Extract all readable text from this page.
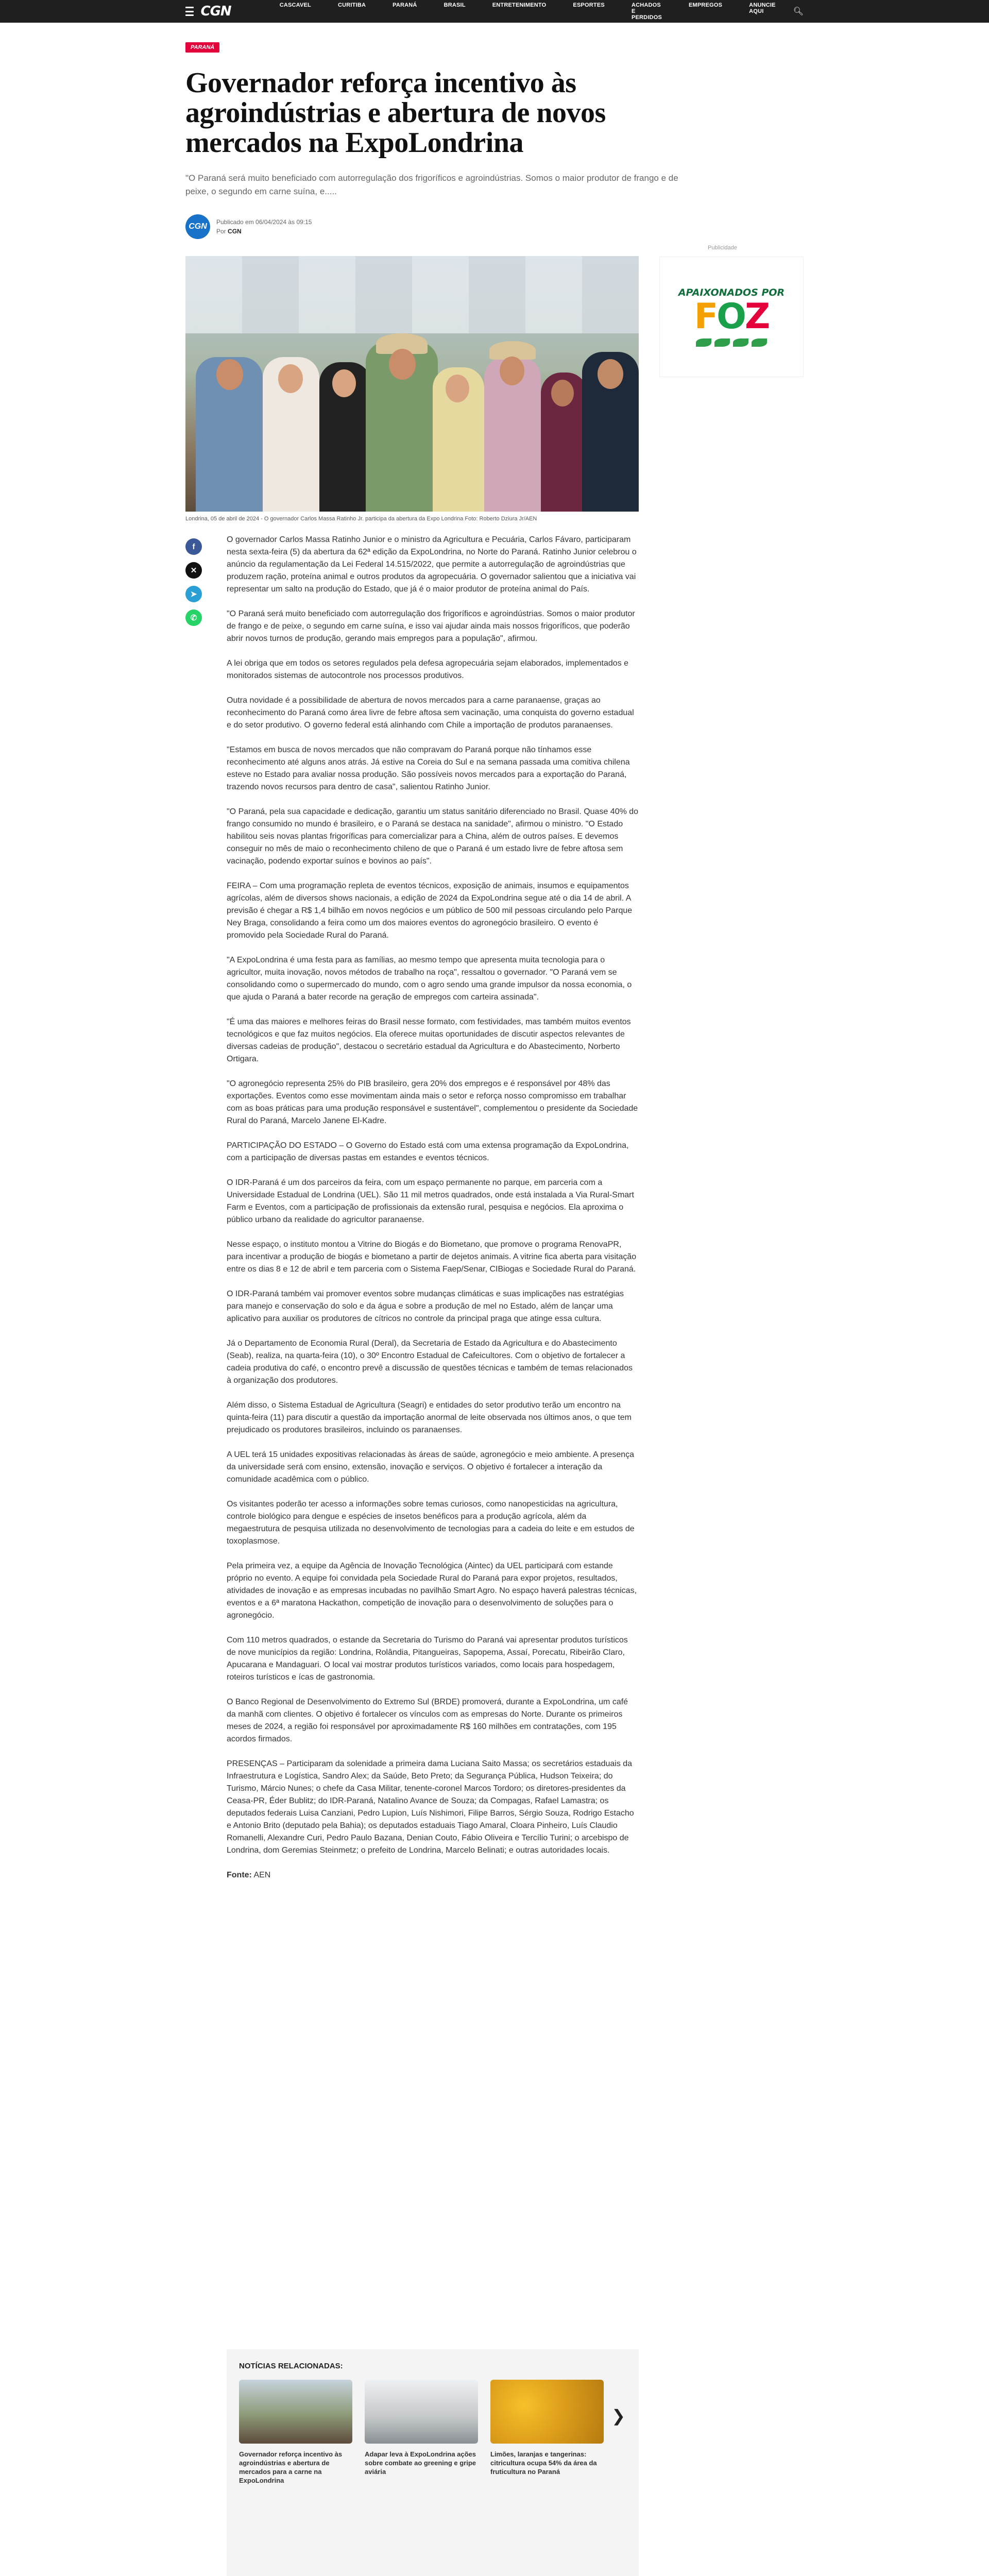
CGN	CASCAVEL	CURITIBA	PARANÁ	BRASIL	ENTRETENIMENTO	ESPORTES	ACHADOS E PERDIDOS
EMPREGOS	ANUNCIE AQUI	🔍︎
PARANÁ
Governador reforça incentivo às agroindústrias e abertura de novos mercados na ExpoLondrina

"O Paraná será muito beneficiado com autorregulação dos frigoríficos e agroindústrias. Somos o maior produtor de frango e de peixe, o segundo em carne suína, e.....

CGN	Publicado em 06/04/2024 às 09:15
Por CGN
Londrina, 05 de abril de 2024 - O governador Carlos Massa Ratinho Jr. participa da abertura da Expo Londrina Foto: Roberto Dziura Jr/AEN
f
✕
➤
✆

O governador Carlos Massa Ratinho Junior e o ministro da Agricultura e Pecuária, Carlos Fávaro, participaram nesta sexta-feira (5) da abertura da 62ª edição da ExpoLondrina, no Norte do Paraná. Ratinho Junior celebrou o anúncio da regulamentação da Lei Federal 14.515/2022, que permite a autorregulação de agroindústrias que produzem ração, proteína animal e outros produtos da agropecuária. O governador salientou que a iniciativa vai representar um salto na produção do Estado, que já é o maior produtor de proteína animal do País.

"O Paraná será muito beneficiado com autorregulação dos frigoríficos e agroindústrias. Somos o maior produtor de frango e de peixe, o segundo em carne suína, e isso vai ajudar ainda mais nossos frigoríficos, que poderão abrir novos turnos de produção, gerando mais empregos para a população", afirmou.

A lei obriga que em todos os setores regulados pela defesa agropecuária sejam elaborados, implementados e monitorados sistemas de autocontrole nos processos produtivos.

Outra novidade é a possibilidade de abertura de novos mercados para a carne paranaense, graças ao reconhecimento do Paraná como área livre de febre aftosa sem vacinação, uma conquista do governo estadual e do setor produtivo. O governo federal está alinhando com Chile a importação de produtos paranaenses.

"Estamos em busca de novos mercados que não compravam do Paraná porque não tínhamos esse reconhecimento até alguns anos atrás. Já estive na Coreia do Sul e na semana passada uma comitiva chilena esteve no Estado para avaliar nossa produção. São possíveis novos mercados para a exportação do Paraná, trazendo novos recursos para dentro de casa", salientou Ratinho Junior.

"O Paraná, pela sua capacidade e dedicação, garantiu um status sanitário diferenciado no Brasil. Quase 40% do frango consumido no mundo é brasileiro, e o Paraná se destaca na sanidade", afirmou o ministro. "O Estado habilitou seis novas plantas frigoríficas para comercializar para a China, além de outros países. E devemos conseguir no mês de maio o reconhecimento chileno de que o Paraná é um estado livre de febre aftosa sem vacinação, podendo exportar suínos e bovinos ao país".

FEIRA – Com uma programação repleta de eventos técnicos, exposição de animais, insumos e equipamentos agrícolas, além de diversos shows nacionais, a edição de 2024 da ExpoLondrina segue até o dia 14 de abril. A previsão é chegar a R$ 1,4 bilhão em novos negócios e um público de 500 mil pessoas circulando pelo Parque Ney Braga, consolidando a feira como um dos maiores eventos do agronegócio brasileiro. O evento é promovido pela Sociedade Rural do Paraná.

"A ExpoLondrina é uma festa para as famílias, ao mesmo tempo que apresenta muita tecnologia para o agricultor, muita inovação, novos métodos de trabalho na roça", ressaltou o governador. "O Paraná vem se consolidando como o supermercado do mundo, com o agro sendo uma grande impulsor da nossa economia, o que ajuda o Paraná a bater recorde na geração de empregos com carteira assinada".

"É uma das maiores e melhores feiras do Brasil nesse formato, com festividades, mas também muitos eventos tecnológicos e que faz muitos negócios. Ela oferece muitas oportunidades de discutir aspectos relevantes de diversas cadeias de produção", destacou o secretário estadual da Agricultura e do Abastecimento, Norberto Ortigara.

"O agronegócio representa 25% do PIB brasileiro, gera 20% dos empregos e é responsável por 48% das exportações. Eventos como esse movimentam ainda mais o setor e reforça nosso compromisso em trabalhar com as boas práticas para uma produção responsável e sustentável", complementou o presidente da Sociedade Rural do Paraná, Marcelo Janene El-Kadre.

PARTICIPAÇÃO DO ESTADO – O Governo do Estado está com uma extensa programação da ExpoLondrina, com a participação de diversas pastas em estandes e eventos técnicos.

O IDR-Paraná é um dos parceiros da feira, com um espaço permanente no parque, em parceria com a Universidade Estadual de Londrina (UEL). São 11 mil metros quadrados, onde está instalada a Via Rural-Smart Farm e Eventos, com a participação de profissionais da extensão rural, pesquisa e negócios. Ela aproxima o público urbano da realidade do agricultor paranaense.

Nesse espaço, o instituto montou a Vitrine do Biogás e do Biometano, que promove o programa RenovaPR, para incentivar a produção de biogás e biometano a partir de dejetos animais. A vitrine fica aberta para visitação entre os dias 8 e 12 de abril e tem parceria com o Sistema Faep/Senar, CIBiogas e Sociedade Rural do Paraná.

O IDR-Paraná também vai promover eventos sobre mudanças climáticas e suas implicações nas estratégias para manejo e conservação do solo e da água e sobre a produção de mel no Estado, além de lançar uma aplicativo para auxiliar os produtores de cítricos no controle da principal praga que atinge essa cultura.

Já o Departamento de Economia Rural (Deral), da Secretaria de Estado da Agricultura e do Abastecimento (Seab), realiza, na quarta-feira (10), o 30º Encontro Estadual de Cafeicultores. Com o objetivo de fortalecer a cadeia produtiva do café, o encontro prevê a discussão de questões técnicas e também de temas relacionados à organização dos produtores.

Além disso, o Sistema Estadual de Agricultura (Seagri) e entidades do setor produtivo terão um encontro na quinta-feira (11) para discutir a questão da importação anormal de leite observada nos últimos anos, o que tem prejudicado os produtores brasileiros, incluindo os paranaenses.

A UEL terá 15 unidades expositivas relacionadas às áreas de saúde, agronegócio e meio ambiente. A presença da universidade será com ensino, extensão, inovação e serviços. O objetivo é fortalecer a interação da comunidade acadêmica com o público.

Os visitantes poderão ter acesso a informações sobre temas curiosos, como nanopesticidas na agricultura, controle biológico para dengue e espécies de insetos benéficos para a produção agrícola, além da megaestrutura de pesquisa utilizada no desenvolvimento de tecnologias para a cadeia do leite e em estudos de toxoplasmose.

Pela primeira vez, a equipe da Agência de Inovação Tecnológica (Aintec) da UEL participará com estande próprio no evento. A equipe foi convidada pela Sociedade Rural do Paraná para expor projetos, resultados, atividades de inovação e as empresas incubadas no pavilhão Smart Agro. No espaço haverá palestras técnicas, eventos e a 6ª maratona Hackathon, competição de inovação para o desenvolvimento de soluções para o agronegócio.

Com 110 metros quadrados, o estande da Secretaria do Turismo do Paraná vai apresentar produtos turísticos de nove municípios da região: Londrina, Rolândia, Pitangueiras, Sapopema, Assaí, Porecatu, Ribeirão Claro, Apucarana e Mandaguari. O local vai mostrar produtos turísticos variados, como locais para hospedagem, roteiros turísticos e ícas de gastronomia.

O Banco Regional de Desenvolvimento do Extremo Sul (BRDE) promoverá, durante a ExpoLondrina, um café da manhã com clientes. O objetivo é fortalecer os vínculos com as empresas do Norte. Durante os primeiros meses de 2024, a região foi responsável por aproximadamente R$ 160 milhões em contratações, com 195 acordos firmados.

PRESENÇAS – Participaram da solenidade a primeira dama Luciana Saito Massa; os secretários estaduais da Infraestrutura e Logística, Sandro Alex; da Saúde, Beto Preto; da Segurança Pública, Hudson Teixeira; do Turismo, Márcio Nunes; o chefe da Casa Militar, tenente-coronel Marcos Tordoro; os diretores-presidentes da Ceasa-PR, Éder Bublitz; do IDR-Paraná, Natalino Avance de Souza; da Compagas, Rafael Lamastra; os deputados federais Luisa Canziani, Pedro Lupion, Luís Nishimori, Filipe Barros, Sérgio Souza, Rodrigo Estacho e Antonio Brito (deputado pela Bahia); os deputados estaduais Tiago Amaral, Cloara Pinheiro, Luís Claudio Romanelli, Alexandre Curi, Pedro Paulo Bazana, Denian Couto, Fábio Oliveira e Tercílio Turini; o arcebispo de Londrina, dom Geremias Steinmetz; o prefeito de Londrina, Marcelo Belinati; e outras autoridades locais.

Fonte: AEN

NOTÍCIAS RELACIONADAS:
Governador reforça incentivo às agroindústrias e abertura de mercados para a carne na ExpoLondrina
Adapar leva à ExpoLondrina ações sobre combate ao greening e gripe aviária
Limões, laranjas e tangerinas: citricultura ocupa 54% da área da fruticultura no Paraná
❯
Publicidade
APAIXONADOS POR
FOZ
